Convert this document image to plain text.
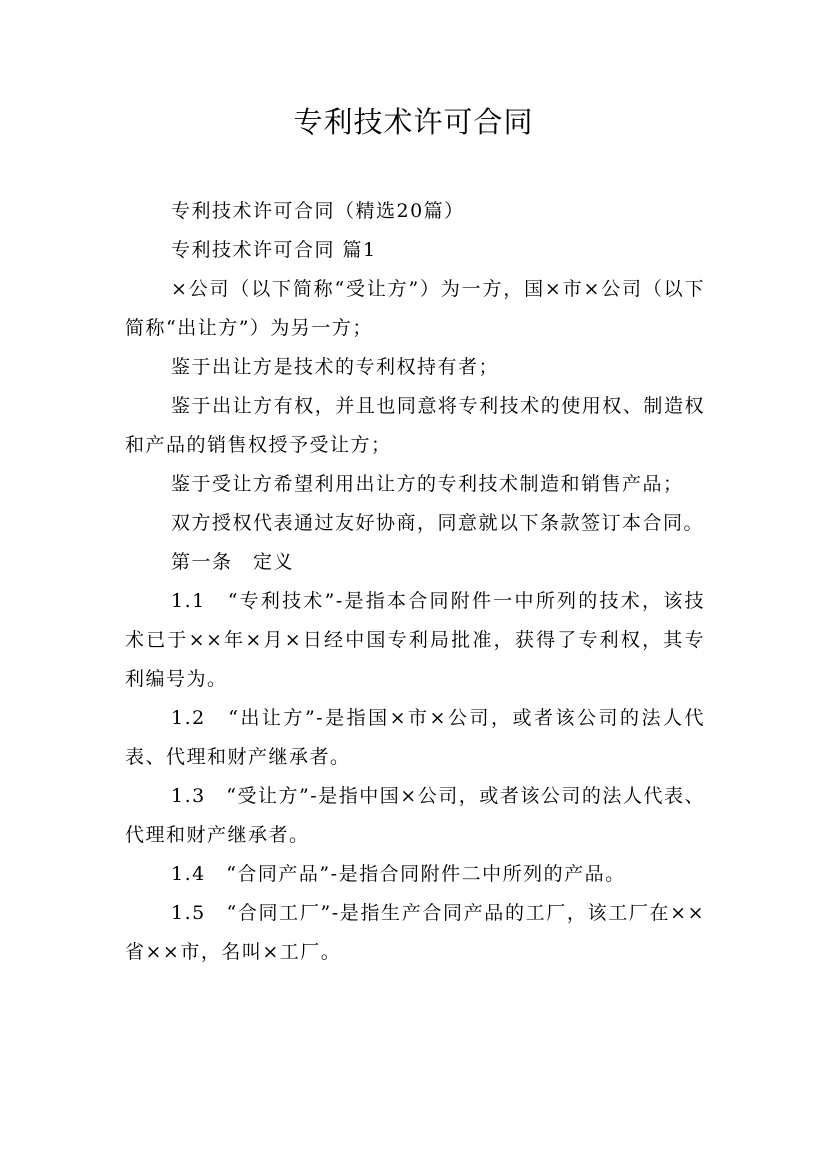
专利技术许可合同

专利技术许可合同（精选20篇）

专利技术许可合同 篇1

×公司（以下简称“受让方”）为一方，国×市×公司（以下简称“出让方”）为另一方；

鉴于出让方是技术的专利权持有者；

鉴于出让方有权，并且也同意将专利技术的使用权、制造权和产品的销售权授予受让方；

鉴于受让方希望利用出让方的专利技术制造和销售产品；

双方授权代表通过友好协商，同意就以下条款签订本合同。

第一条　定义

1.1　“专利技术”-是指本合同附件一中所列的技术，该技术已于××年×月×日经中国专利局批准，获得了专利权，其专利编号为。

1.2　“出让方”-是指国×市×公司，或者该公司的法人代表、代理和财产继承者。

1.3　“受让方”-是指中国×公司，或者该公司的法人代表、代理和财产继承者。

1.4　“合同产品”-是指合同附件二中所列的产品。

1.5　“合同工厂”-是指生产合同产品的工厂，该工厂在××省××市，名叫×工厂。
